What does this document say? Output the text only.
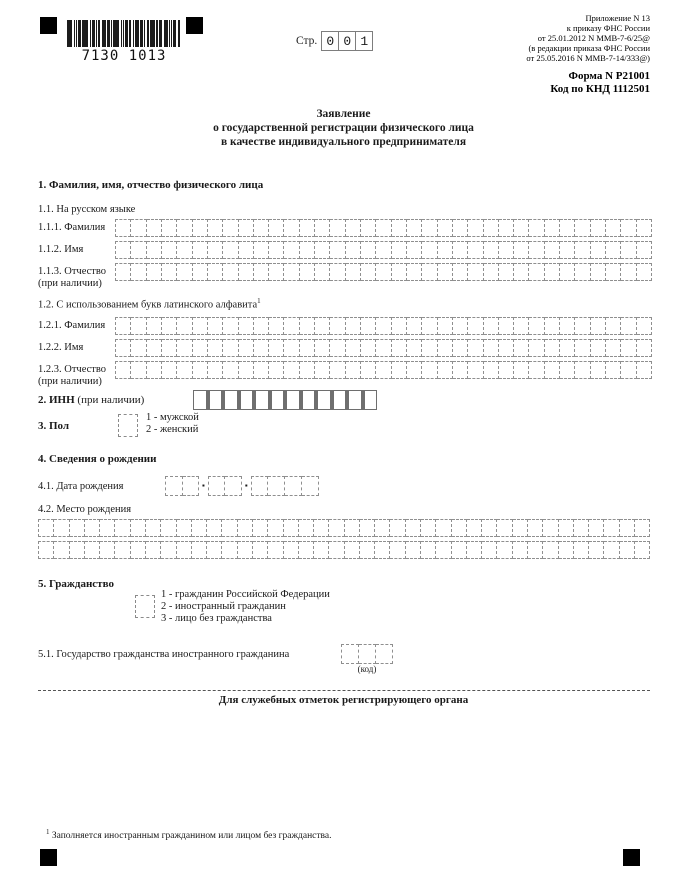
7130 1013
Стр. 0 0 1
Приложение N 13
к приказу ФНС России
от 25.01.2012 N ММВ-7-6/25@
(в редакции приказа ФНС России
от 25.05.2016 N ММВ-7-14/333@)
Форма N Р21001
Код по КНД 1112501
Заявление
о государственной регистрации физического лица
в качестве индивидуального предпринимателя
1. Фамилия, имя, отчество физического лица
1.1. На русском языке
1.1.1. Фамилия
1.1.2. Имя
1.1.3. Отчество
(при наличии)
1.2. С использованием букв латинского алфавита$^1$
1.2.1. Фамилия
1.2.2. Имя
1.2.3. Отчество
(при наличии)
2. ИНН (при наличии)
3. Пол
1 - мужской
2 - женский
4. Сведения о рождении
4.1. Дата рождения	▪	▪
4.2. Место рождения
5. Гражданство
1 - гражданин Российской Федерации
2 - иностранный гражданин
3 - лицо без гражданства
5.1. Государство гражданства иностранного гражданина
(код)
Для служебных отметок регистрирующего органа
$^1$ Заполняется иностранным гражданином или лицом без гражданства.
